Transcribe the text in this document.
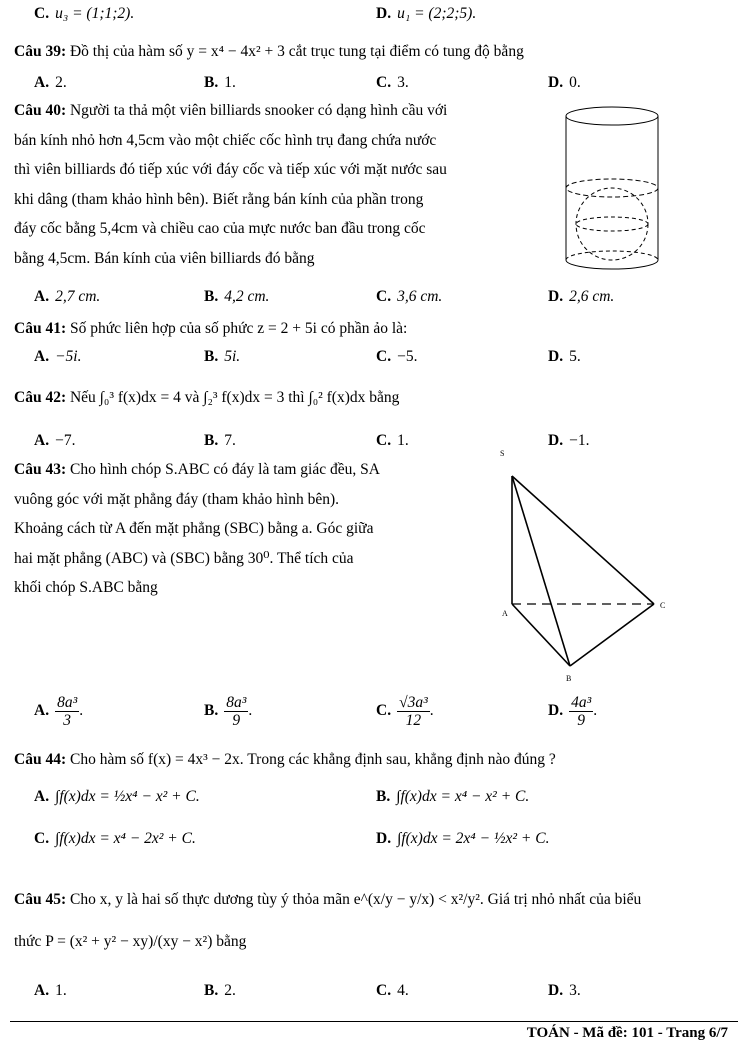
C. u₃ = (1;1;2).	D. u₁ = (2;2;5).
Câu 39: Đồ thị của hàm số y = x⁴ − 4x² + 3 cắt trục tung tại điểm có tung độ bằng
A. 2.	B. 1.	C. 3.	D. 0.
Câu 40: Người ta thả một viên billiards snooker có dạng hình cầu với
bán kính nhỏ hơn 4,5cm vào một chiếc cốc hình trụ đang chứa nước
thì viên billiards đó tiếp xúc với đáy cốc và tiếp xúc với mặt nước sau
khi dâng (tham khảo hình bên). Biết rằng bán kính của phần trong
đáy cốc bằng 5,4cm và chiều cao của mực nước ban đầu trong cốc
bằng 4,5cm. Bán kính của viên billiards đó bằng
A. 2,7 cm.	B. 4,2 cm.	C. 3,6 cm.	D. 2,6 cm.
Câu 41: Số phức liên hợp của số phức z = 2 + 5i có phần ảo là:
A. −5i.	B. 5i.	C. −5.	D. 5.
Câu 42: Nếu ∫₀³ f(x)dx = 4 và ∫₂³ f(x)dx = 3 thì ∫₀² f(x)dx bằng
A. −7.	B. 7.	C. 1.	D. −1.
Câu 43: Cho hình chóp S.ABC có đáy là tam giác đều, SA
vuông góc với mặt phẳng đáy (tham khảo hình bên).
Khoảng cách từ A đến mặt phẳng (SBC) bằng a. Góc giữa
hai mặt phẳng (ABC) và (SBC) bằng 30⁰. Thể tích của
khối chóp S.ABC bằng
S
A
B
C
A. $\frac{\text{8a³}}{3}$ .	B. $\frac{\text{8a³}}{9}$ .	C. $\frac{\text{√3a³}}{12}$ .	D. $\frac{\text{4a³}}{9}$ .
Câu 44: Cho hàm số f(x) = 4x³ − 2x. Trong các khẳng định sau, khẳng định nào đúng ?
A. ∫f(x)dx = ½x⁴ − x² + C.	B. ∫f(x)dx = x⁴ − x² + C.
C. ∫f(x)dx = x⁴ − 2x² + C.	D. ∫f(x)dx = 2x⁴ − ½x² + C.
Câu 45: Cho x, y là hai số thực dương tùy ý thỏa mãn e^(x/y − y/x) < x²/y². Giá trị nhỏ nhất của biểu
thức P = (x² + y² − xy)/(xy − x²) bằng
A. 1.	B. 2.	C. 4.	D. 3.
TOÁN - Mã đề: 101 - Trang 6/7
